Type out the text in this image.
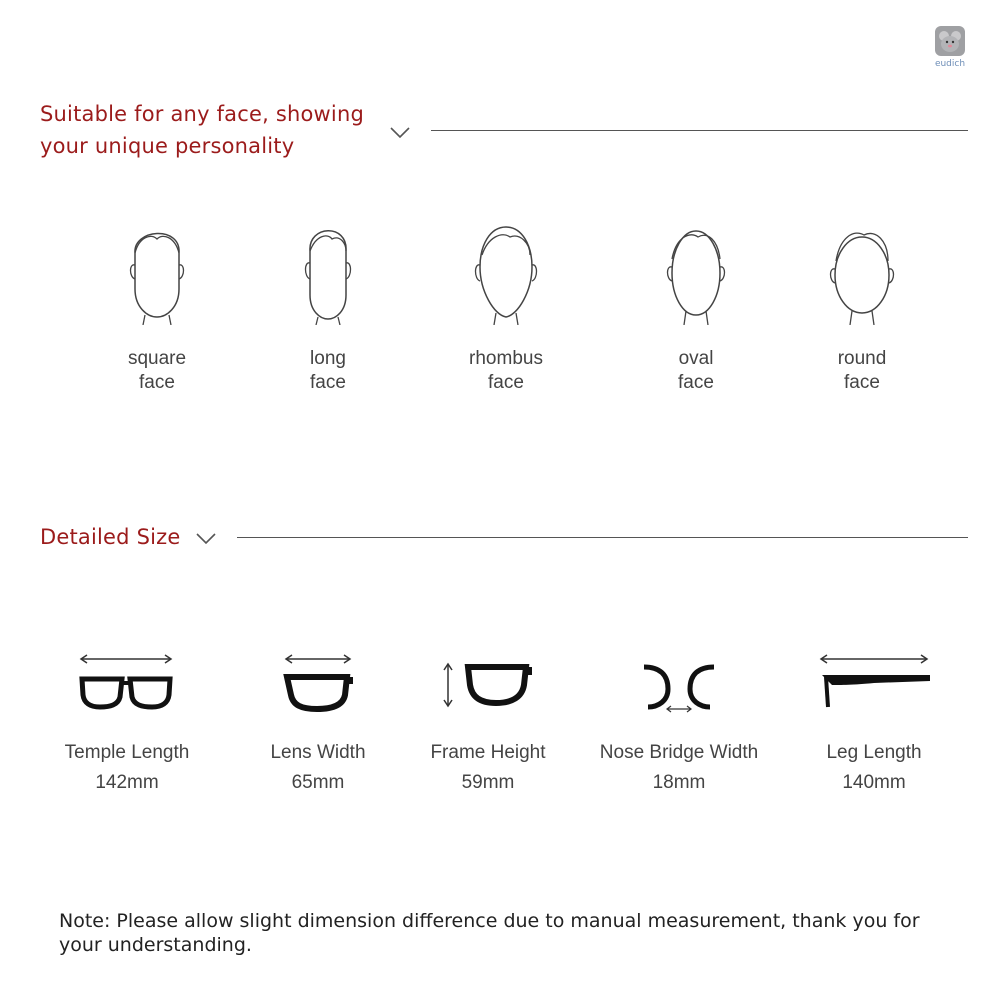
eudich
Suitable for any face, showing your unique personality
square
face
long
face
rhombus
face
oval
face
round
face
Detailed Size
Temple Length
142mm
Lens Width
65mm
Frame Height
59mm
Nose Bridge Width
18mm
Leg Length
140mm
Note: Please allow slight dimension difference due to manual measurement, thank you for your understanding.
